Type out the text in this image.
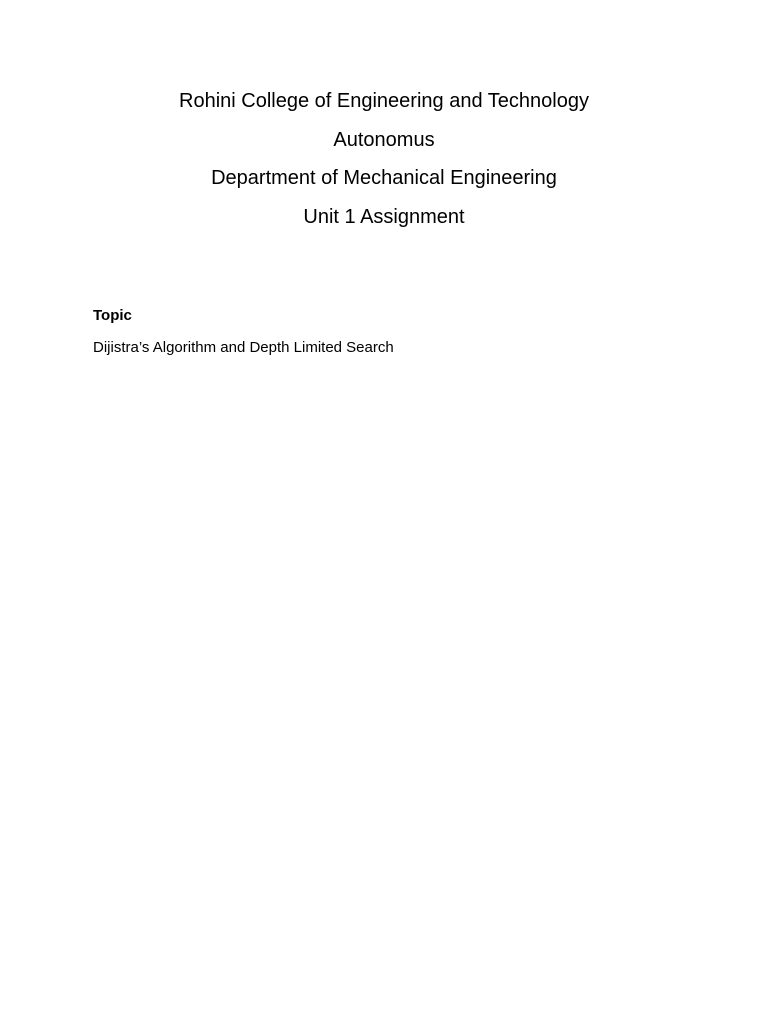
Rohini College of Engineering and Technology
Autonomus
Department of Mechanical Engineering
Unit 1 Assignment

Topic

Dijistra’s Algorithm and Depth Limited Search
